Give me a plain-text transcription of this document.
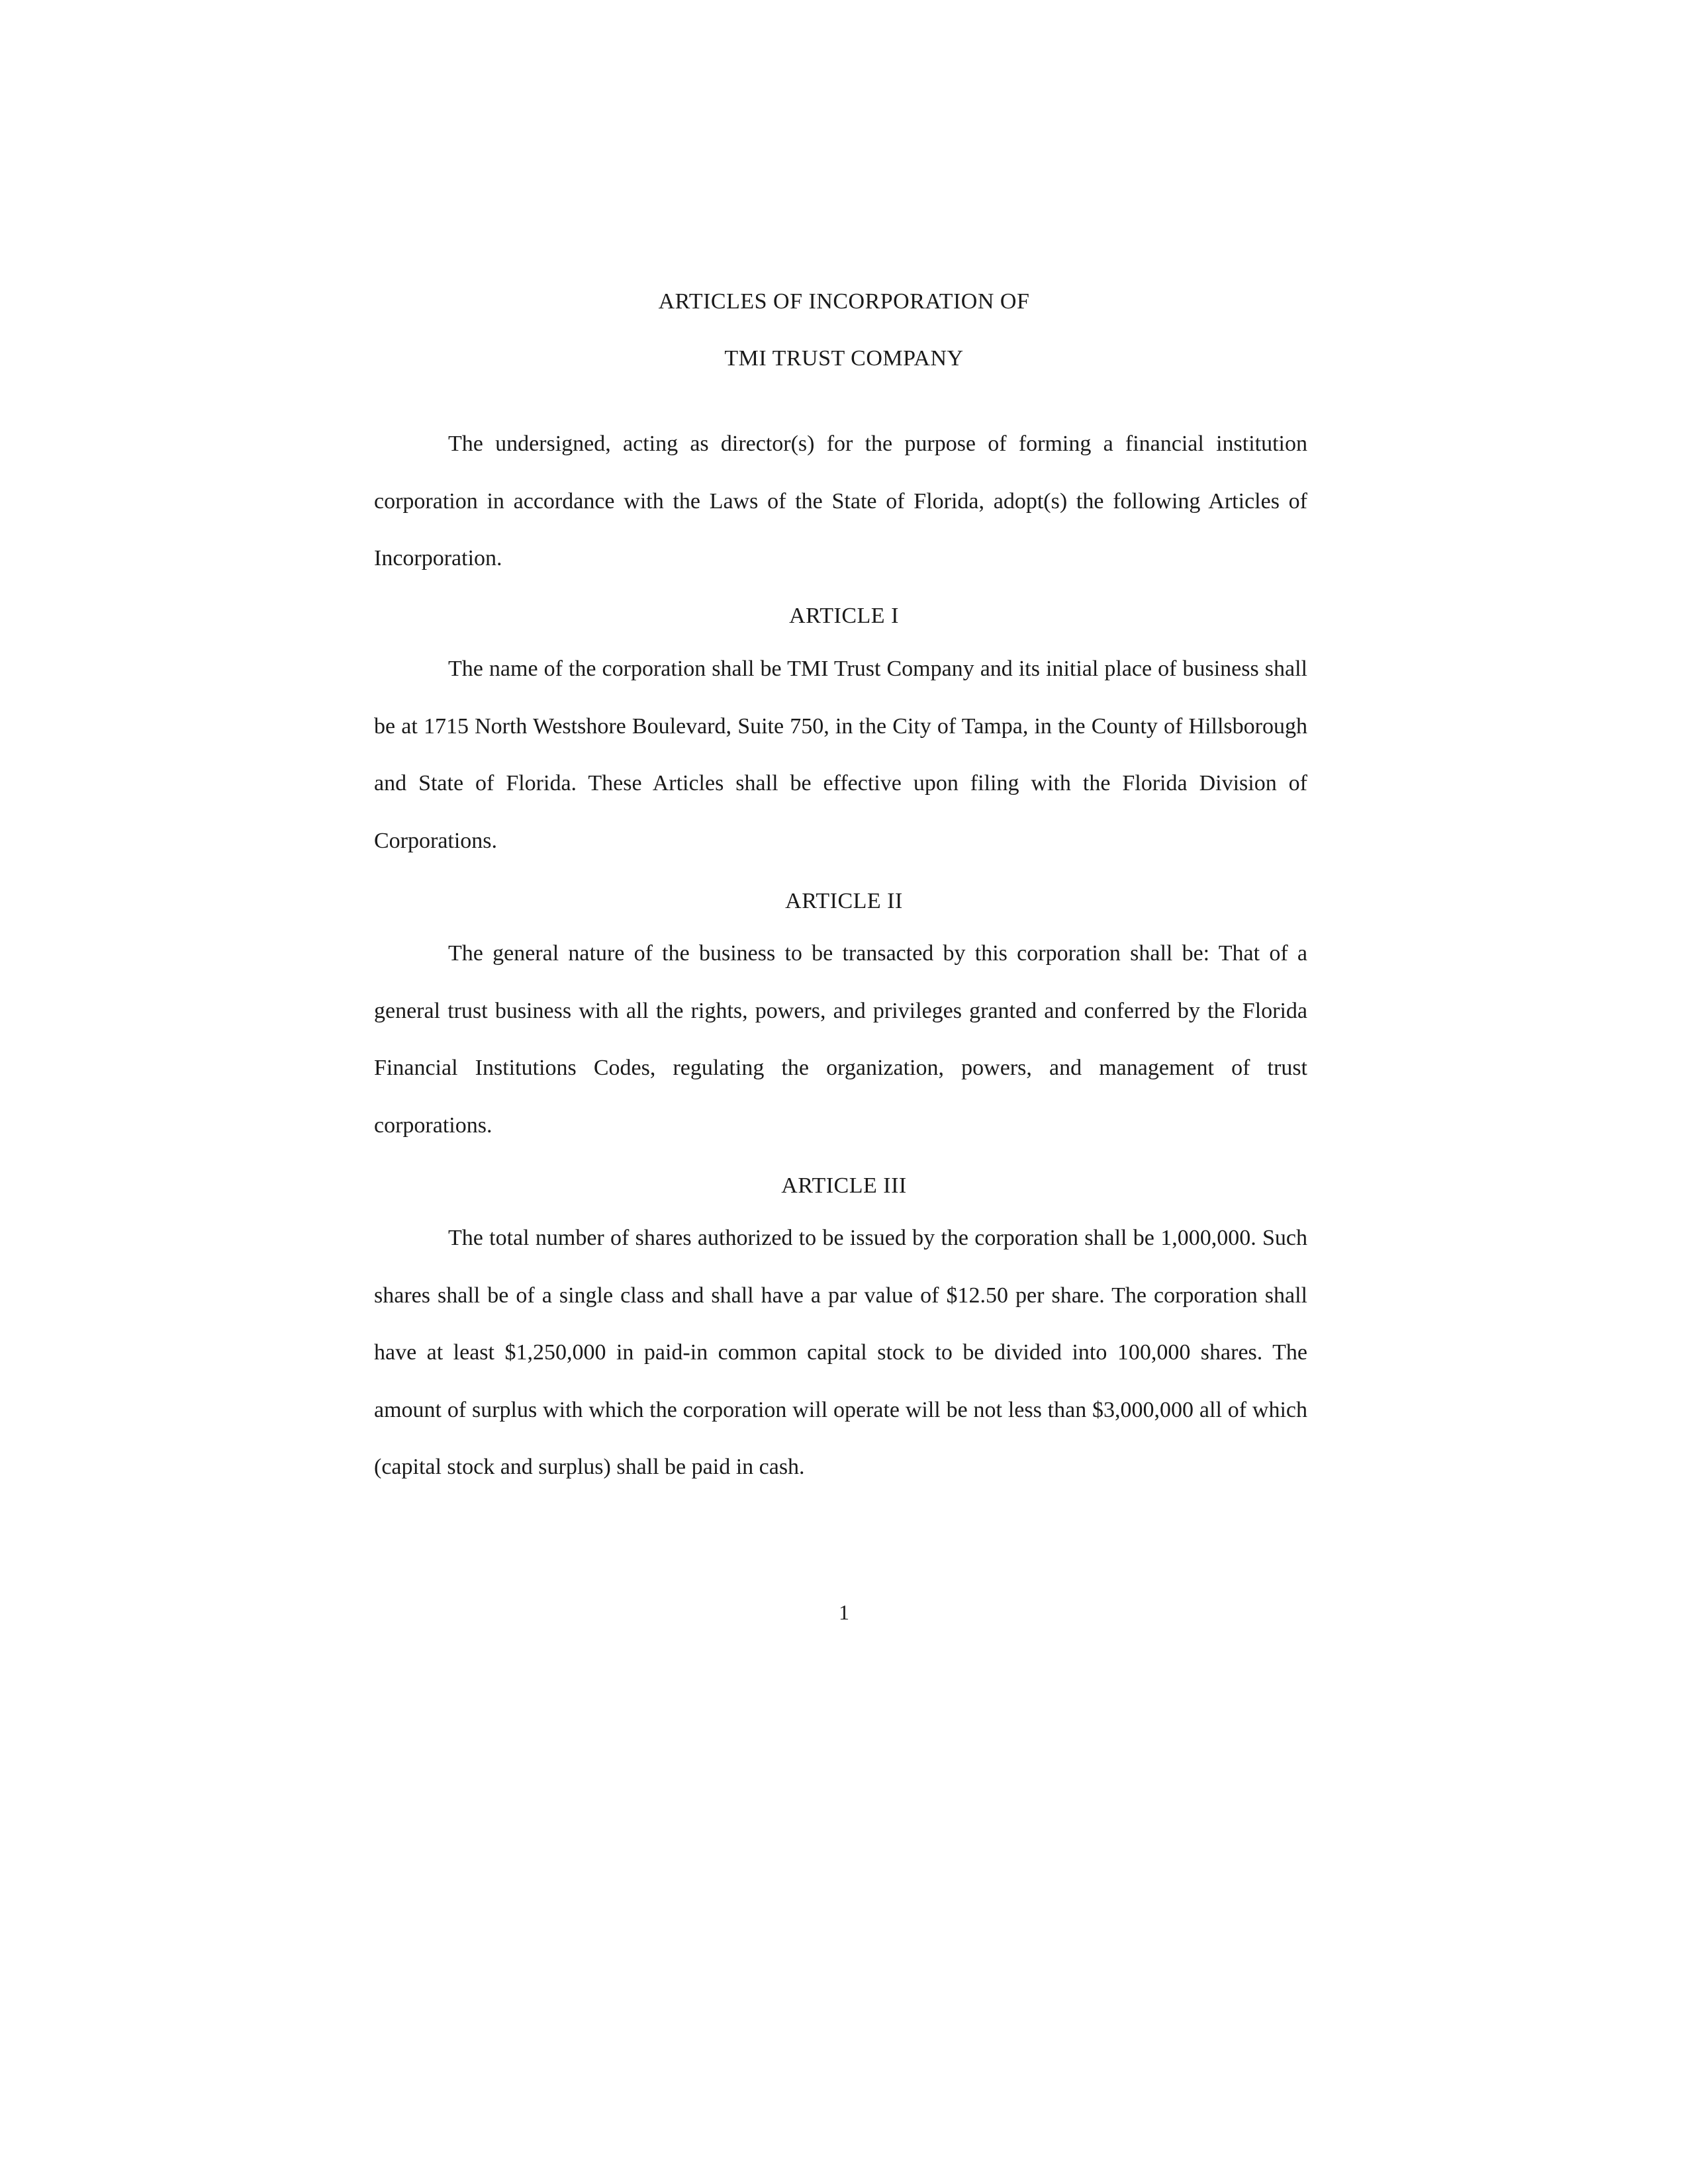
ARTICLES OF INCORPORATION OF
TMI TRUST COMPANY

The undersigned, acting as director(s) for the purpose of forming a financial institution corporation in accordance with the Laws of the State of Florida, adopt(s) the following Articles of Incorporation.

ARTICLE I

The name of the corporation shall be TMI Trust Company and its initial place of business shall be at 1715 North Westshore Boulevard, Suite 750, in the City of Tampa, in the County of Hillsborough and State of Florida. These Articles shall be effective upon filing with the Florida Division of Corporations.

ARTICLE II

The general nature of the business to be transacted by this corporation shall be: That of a general trust business with all the rights, powers, and privileges granted and conferred by the Florida Financial Institutions Codes, regulating the organization, powers, and management of trust corporations.

ARTICLE III

The total number of shares authorized to be issued by the corporation shall be 1,000,000. Such shares shall be of a single class and shall have a par value of $12.50 per share. The corporation shall have at least $1,250,000 in paid-in common capital stock to be divided into 100,000 shares. The amount of surplus with which the corporation will operate will be not less than $3,000,000 all of which (capital stock and surplus) shall be paid in cash.

1
